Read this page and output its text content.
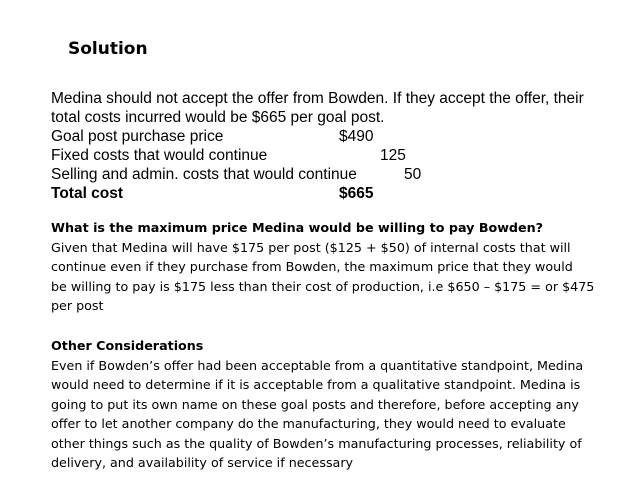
Solution

Medina should not accept the offer from Bowden. If they accept the offer, their

total costs incurred would be $665 per goal post.

Goal post purchase price	$490
Fixed costs that would continue	125
Selling and admin. costs that would continue	50
Total cost	$665
What is the maximum price Medina would be willing to pay Bowden?
Given that Medina will have $175 per post ($125 + $50) of internal costs that will
continue even if they purchase from Bowden, the maximum price that they would
be willing to pay is $175 less than their cost of production, i.e $650 – $175 = or $475
per post
Other Considerations
Even if Bowden’s offer had been acceptable from a quantitative standpoint, Medina
would need to determine if it is acceptable from a qualitative standpoint. Medina is
going to put its own name on these goal posts and therefore, before accepting any
offer to let another company do the manufacturing, they would need to evaluate
other things such as the quality of Bowden’s manufacturing processes, reliability of
delivery, and availability of service if necessary
